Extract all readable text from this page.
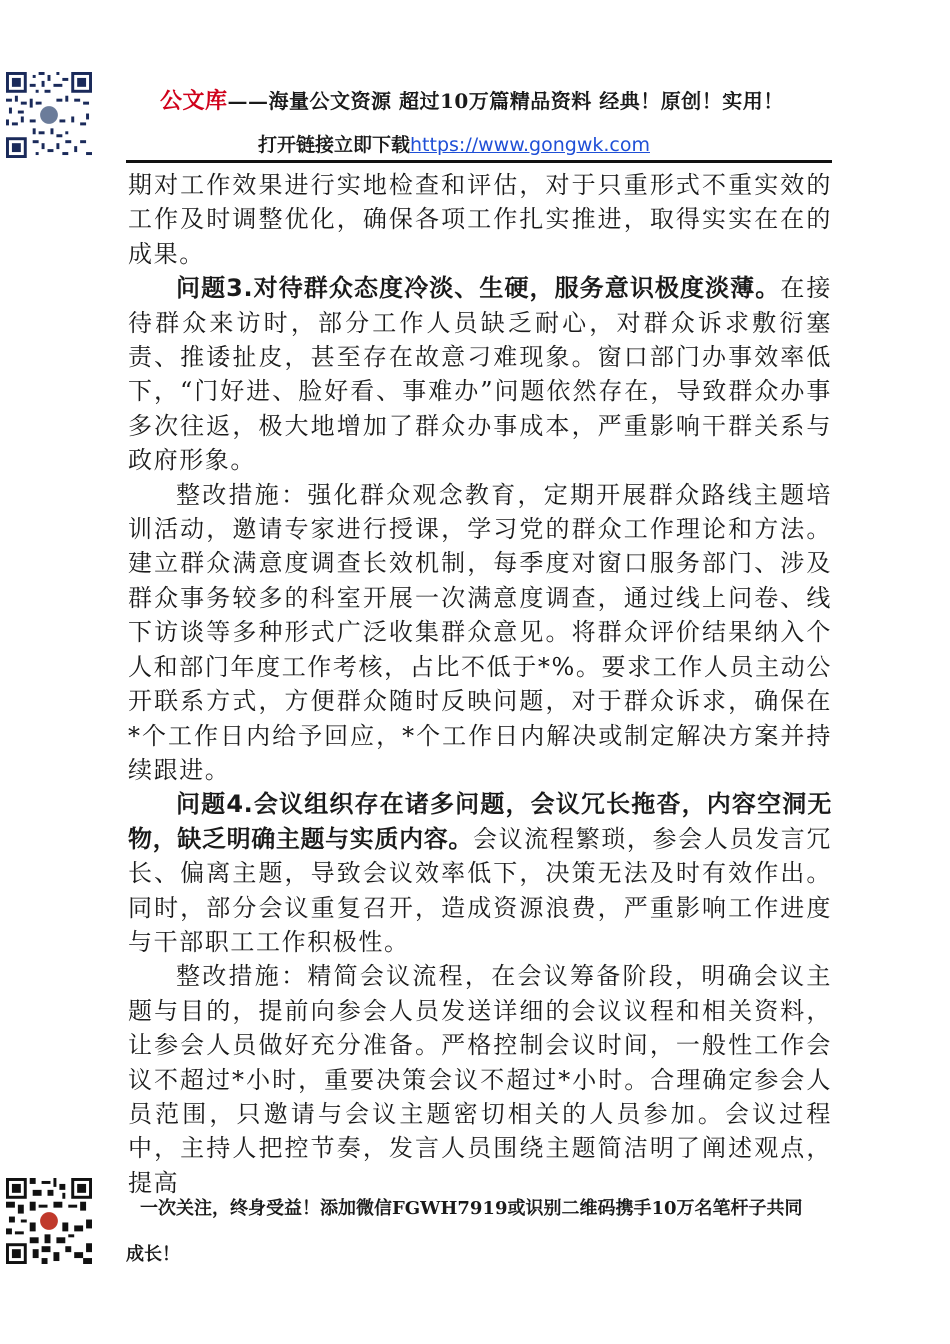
公文库——海量公文资源 超过10万篇精品资料 经典！原创！实用！
打开链接立即下载https://www.gongwk.com

期对工作效果进行实地检查和评估，对于只重形式不重实效的工作及时调整优化，确保各项工作扎实推进，取得实实在在的成果。

问题3.对待群众态度冷淡、生硬，服务意识极度淡薄。在接待群众来访时，部分工作人员缺乏耐心，对群众诉求敷衍塞责、推诿扯皮，甚至存在故意刁难现象。窗口部门办事效率低下，“门好进、脸好看、事难办”问题依然存在，导致群众办事多次往返，极大地增加了群众办事成本，严重影响干群关系与政府形象。

整改措施：强化群众观念教育，定期开展群众路线主题培训活动，邀请专家进行授课，学习党的群众工作理论和方法。建立群众满意度调查长效机制，每季度对窗口服务部门、涉及群众事务较多的科室开展一次满意度调查，通过线上问卷、线下访谈等多种形式广泛收集群众意见。将群众评价结果纳入个人和部门年度工作考核，占比不低于*%。要求工作人员主动公开联系方式，方便群众随时反映问题，对于群众诉求，确保在*个工作日内给予回应，*个工作日内解决或制定解决方案并持续跟进。

问题4.会议组织存在诸多问题，会议冗长拖沓，内容空洞无物，缺乏明确主题与实质内容。会议流程繁琐，参会人员发言冗长、偏离主题，导致会议效率低下，决策无法及时有效作出。同时，部分会议重复召开，造成资源浪费，严重影响工作进度与干部职工工作积极性。

整改措施：精简会议流程，在会议筹备阶段，明确会议主题与目的，提前向参会人员发送详细的会议议程和相关资料，让参会人员做好充分准备。严格控制会议时间，一般性工作会议不超过*小时，重要决策会议不超过*小时。合理确定参会人员范围，只邀请与会议主题密切相关的人员参加。会议过程中，主持人把控节奏，发言人员围绕主题简洁明了阐述观点，提高

一次关注，终身受益！添加微信FGWH7919或识别二维码携手10万名笔杆子共同
成长！
